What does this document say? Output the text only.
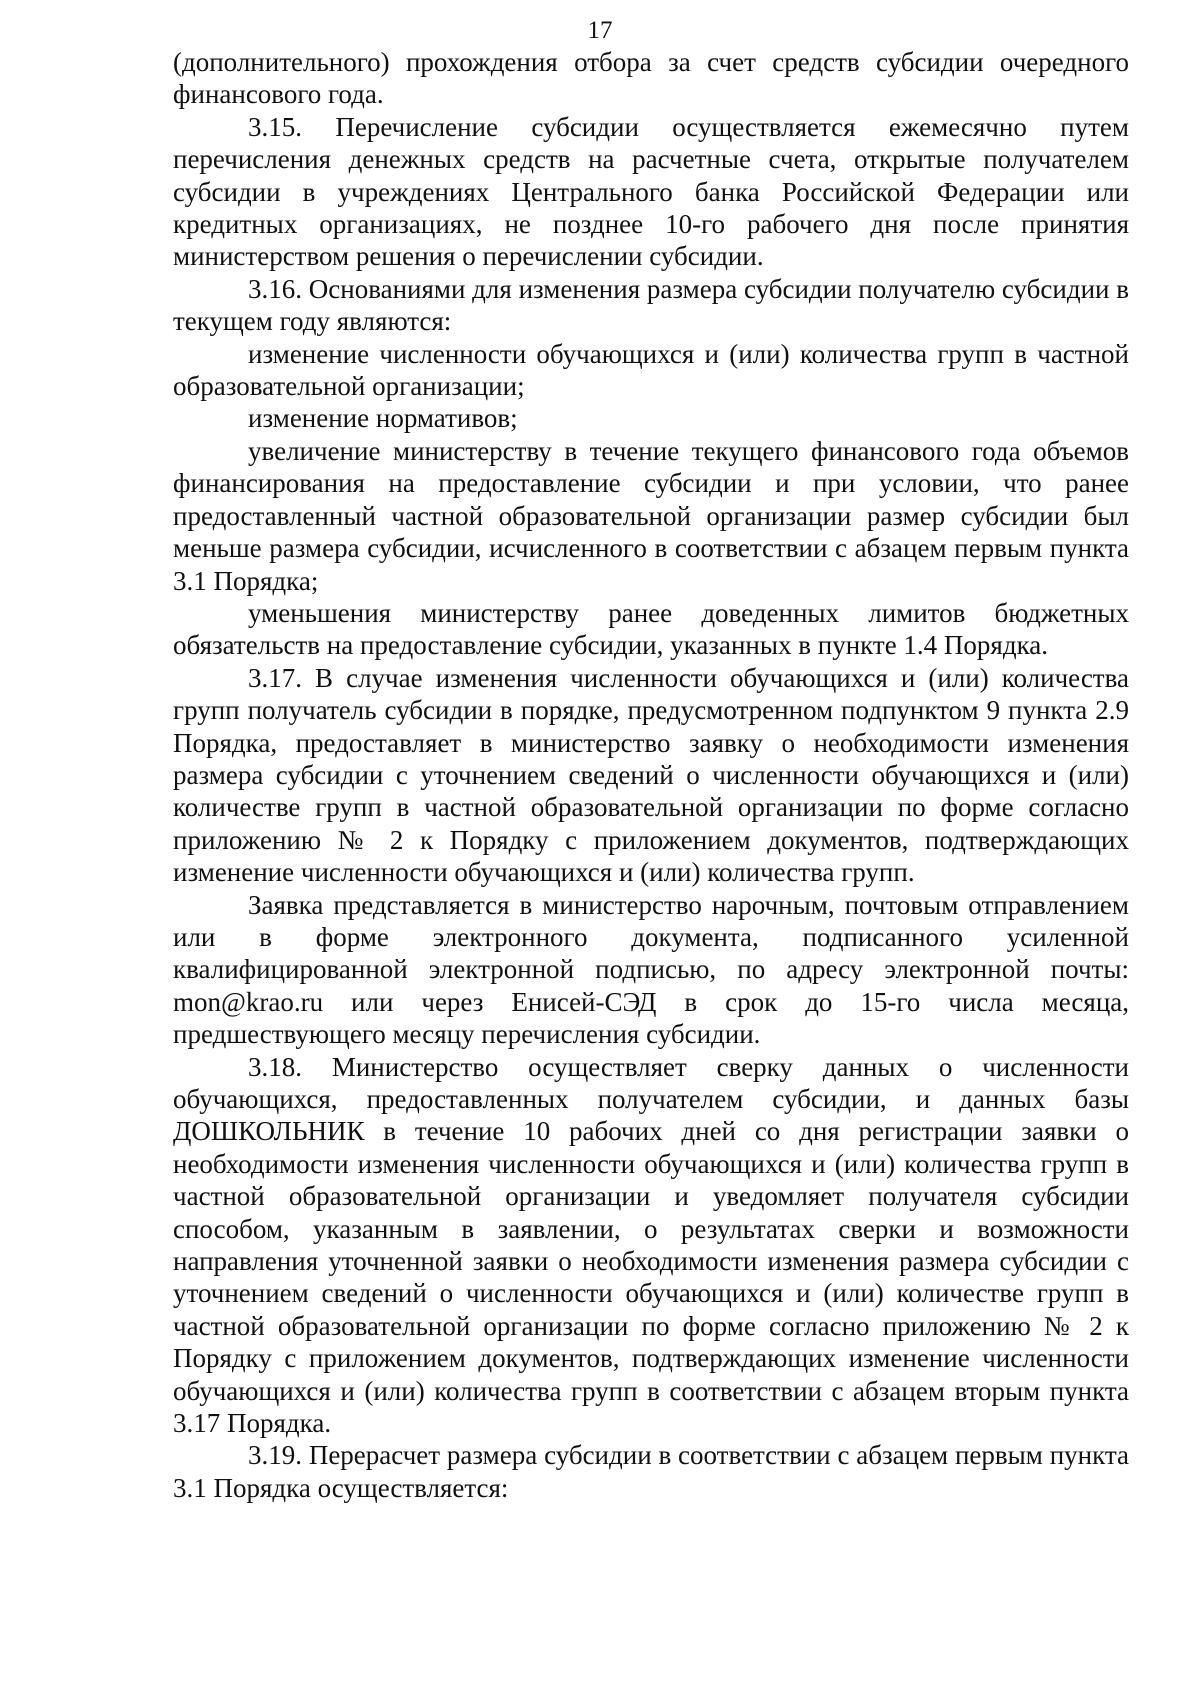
17

(дополнительного) прохождения отбора за счет средств субсидии очередного финансового года.

3.15. Перечисление субсидии осуществляется ежемесячно путем перечисления денежных средств на расчетные счета, открытые получателем субсидии в учреждениях Центрального банка Российской Федерации или кредитных организациях, не позднее 10-го рабочего дня после принятия министерством решения о перечислении субсидии.

3.16. Основаниями для изменения размера субсидии получателю субсидии в текущем году являются:

изменение численности обучающихся и (или) количества групп в частной образовательной организации;

изменение нормативов;

увеличение министерству в течение текущего финансового года объемов финансирования на предоставление субсидии и при условии, что ранее предоставленный частной образовательной организации размер субсидии был меньше размера субсидии, исчисленного в соответствии с абзацем первым пункта 3.1 Порядка;

уменьшения министерству ранее доведенных лимитов бюджетных обязательств на предоставление субсидии, указанных в пункте 1.4 Порядка.

3.17. В случае изменения численности обучающихся и (или) количества групп получатель субсидии в порядке, предусмотренном подпунктом 9 пункта 2.9 Порядка, предоставляет в министерство заявку о необходимости изменения размера субсидии с уточнением сведений о численности обучающихся и (или) количестве групп в частной образовательной организации по форме согласно приложению № 2 к Порядку с приложением документов, подтверждающих изменение численности обучающихся и (или) количества групп.

Заявка представляется в министерство нарочным, почтовым отправлением или в форме электронного документа, подписанного усиленной квалифицированной электронной подписью, по адресу электронной почты: mon@krao.ru или через Енисей-СЭД в срок до 15-го числа месяца, предшествующего месяцу перечисления субсидии.

3.18. Министерство осуществляет сверку данных о численности обучающихся, предоставленных получателем субсидии, и данных базы ДОШКОЛЬНИК в течение 10 рабочих дней со дня регистрации заявки о необходимости изменения численности обучающихся и (или) количества групп в частной образовательной организации и уведомляет получателя субсидии способом, указанным в заявлении, о результатах сверки и возможности направления уточненной заявки о необходимости изменения размера субсидии с уточнением сведений о численности обучающихся и (или) количестве групп в частной образовательной организации по форме согласно приложению № 2 к Порядку с приложением документов, подтверждающих изменение численности обучающихся и (или) количества групп в соответствии с абзацем вторым пункта 3.17 Порядка.

3.19. Перерасчет размера субсидии в соответствии с абзацем первым пункта 3.1 Порядка осуществляется:
